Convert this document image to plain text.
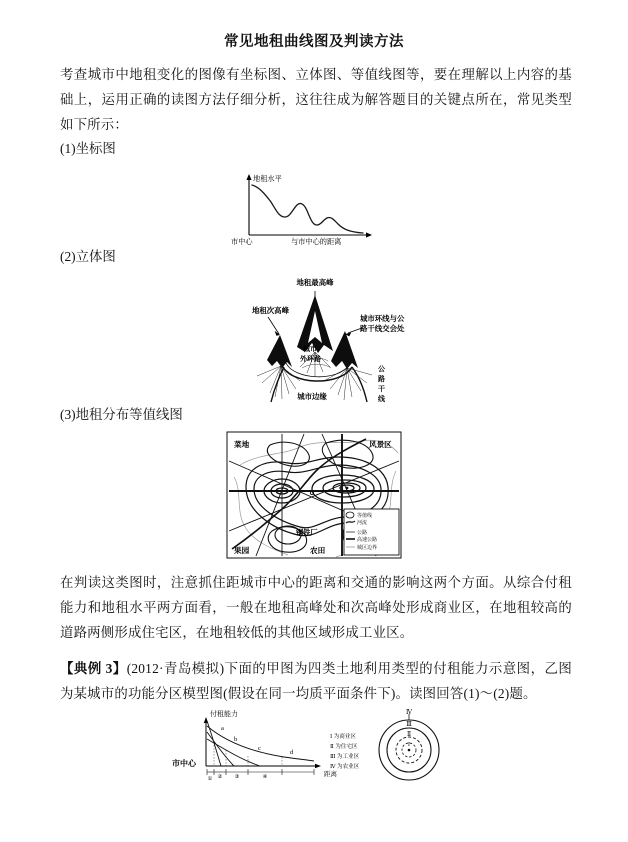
常见地租曲线图及判读方法

考查城市中地租变化的图像有坐标图、立体图、等值线图等，要在理解以上内容的基础上，运用正确的读图方法仔细分析，这往往成为解答题目的关键点所在，常见类型如下所示：

(1)坐标图

地租水平
市中心	与市中心的距离

(2)立体图

地租最高峰
地租次高峰
城市环线与公
路干线交会处
城市
外环路
公
路
干
线
城市边缘

(3)地租分布等值线图

菜地	风景区
钢铁厂
果园	农田
等值线
河流
公路
高速公路
城区边界

在判读这类图时，注意抓住距城市中心的距离和交通的影响这两个方面。从综合付租能力和地租水平两方面看，一般在地租高峰处和次高峰处形成商业区，在地租较高的道路两侧形成住宅区，在地租较低的其他区域形成工业区。

【典例 3】(2012·青岛模拟)下面的甲图为四类土地利用类型的付租能力示意图，乙图为某城市的功能分区模型图(假设在同一均质平面条件下)。读图回答(1)～(2)题。

付租能力
市中心
距离
a
b
c
d
① ② ③	④
Ⅰ 为商业区
Ⅱ 为住宅区
Ⅲ 为工业区
Ⅳ 为农业区
Ⅳ
Ⅲ
Ⅱ
Ⅰ
